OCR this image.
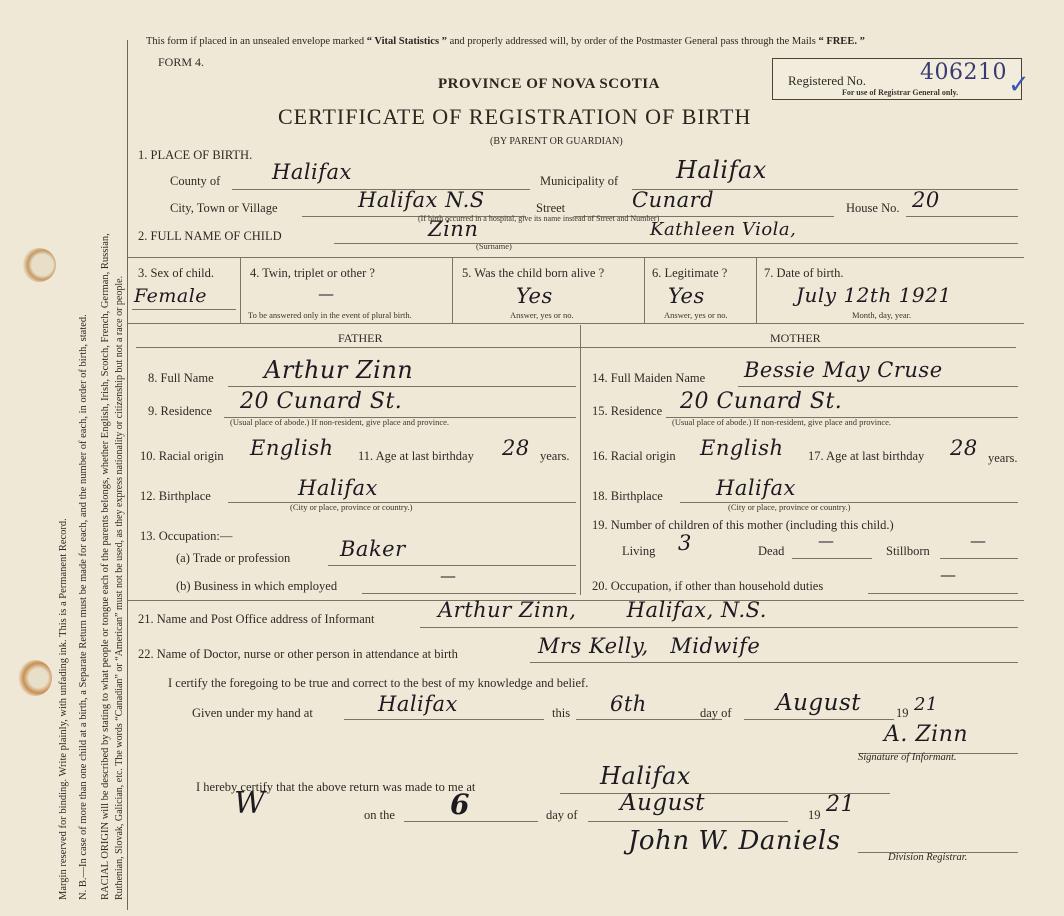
Margin reserved for binding. Write plainly, with unfading ink. This is a Permanent Record. N. B.—In case of more than one child at a birth, a Separate Return must be made for each, and the number of each, in order of birth, stated. RACIAL ORIGIN will be described by stating to what people or tongue each of the parents belongs, whether English, Irish, Scotch, French, German, Russian, Ruthenian, Slovak, Galician, etc. The words “Canadian” or “American” must not be used, as they express nationality or citizenship but not a race or people.
This form if placed in an unsealed envelope marked “ Vital Statistics ” and properly addressed will, by order of the Postmaster General pass through the Mails “ FREE. ”
FORM 4.
Registered No. 406210
For use of Registrar General only. ✓
PROVINCE OF NOVA SCOTIA
CERTIFICATE OF REGISTRATION OF BIRTH
(BY PARENT OR GUARDIAN)
1. PLACE OF BIRTH.
County of Halifax	Municipality of Halifax
City, Town or Village	Halifax N.S	Street	Cunard
(If birth occurred in a hospital, give its name instead of Street and Number)
House No. 20
2. FULL NAME OF CHILD	Zinn
(Surname)
Kathleen Viola,
3. Sex of child.
Female
4. Twin, triplet or other ?
—
To be answered only in the event of plural birth.
5. Was the child born alive ?
Yes
Answer, yes or no.
6. Legitimate ?
Yes
Answer, yes or no.
7. Date of birth.
July 12th 1921
Month, day, year.
FATHER	MOTHER
8. Full Name Arthur Zinn
9. Residence 20 Cunard St.
(Usual place of abode.) If non-resident, give place and province.
10. Racial origin English 11. Age at last birthday 28 years.
12. Birthplace	Halifax
(City or place, province or country.)
13. Occupation:—
(a) Trade or profession Baker
(b) Business in which employed
—
14. Full Maiden Name Bessie May Cruse
15. Residence 20 Cunard St.
(Usual place of abode.) If non-resident, give place and province.
16. Racial origin English 17. Age at last birthday 28 years.
18. Birthplace	Halifax
(City or place, province or country.)
19. Number of children of this mother (including this child.)
Living 3	Dead
—
Stillborn
—
20. Occupation, if other than household duties
—
21. Name and Post Office address of Informant	Arthur Zinn,       Halifax, N.S.
22. Name of Doctor, nurse or other person in attendance at birth	Mrs Kelly,   Midwife
I certify the foregoing to be true and correct to the best of my knowledge and belief.
Given under my hand at	Halifax	this 6th	day of August	19 21
A. Zinn
Signature of Informant.
I hereby certify that the above return was made to me at	Halifax
W	on the 6	day of August	19 21
John W. Daniels
Division Registrar.
